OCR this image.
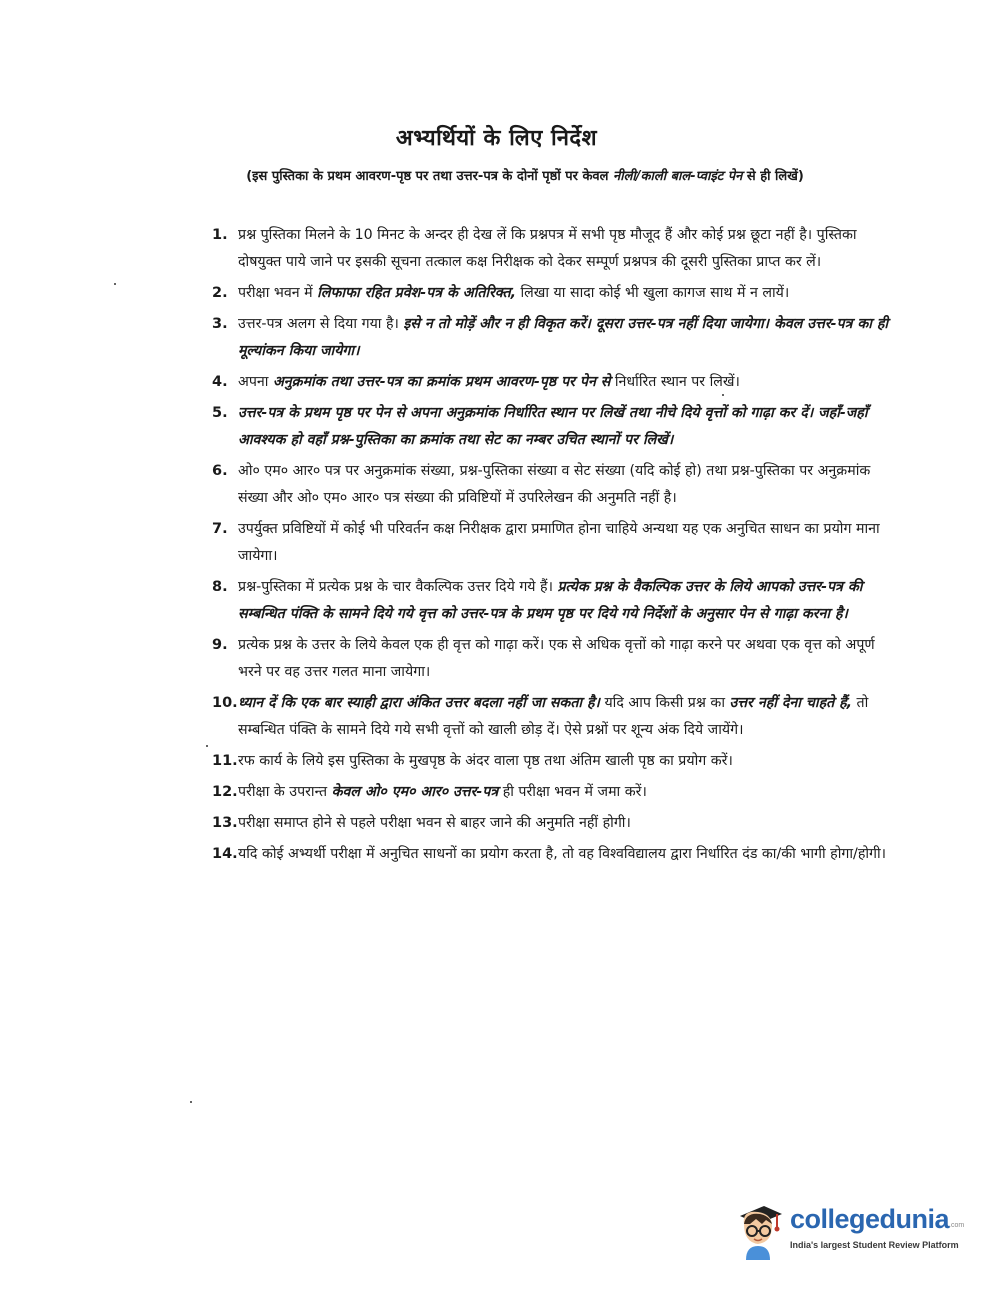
अभ्यर्थियों के लिए निर्देश
(इस पुस्तिका के प्रथम आवरण-पृष्ठ पर तथा उत्तर-पत्र के दोनों पृष्ठों पर केवल नीली/काली बाल-प्वाइंट पेन से ही लिखें)
1. प्रश्न पुस्तिका मिलने के 10 मिनट के अन्दर ही देख लें कि प्रश्नपत्र में सभी पृष्ठ मौजूद हैं और कोई प्रश्न छूटा नहीं है। पुस्तिका दोषयुक्त पाये जाने पर इसकी सूचना तत्काल कक्ष निरीक्षक को देकर सम्पूर्ण प्रश्नपत्र की दूसरी पुस्तिका प्राप्त कर लें।
2. परीक्षा भवन में लिफाफा रहित प्रवेश-पत्र के अतिरिक्त, लिखा या सादा कोई भी खुला कागज साथ में न लायें।
3. उत्तर-पत्र अलग से दिया गया है। इसे न तो मोड़ें और न ही विकृत करें। दूसरा उत्तर-पत्र नहीं दिया जायेगा। केवल उत्तर-पत्र का ही मूल्यांकन किया जायेगा।
4. अपना अनुक्रमांक तथा उत्तर-पत्र का क्रमांक प्रथम आवरण-पृष्ठ पर पेन से निर्धारित स्थान पर लिखें।
5. उत्तर-पत्र के प्रथम पृष्ठ पर पेन से अपना अनुक्रमांक निर्धारित स्थान पर लिखें तथा नीचे दिये वृत्तों को गाढ़ा कर दें। जहाँ-जहाँ आवश्यक हो वहाँ प्रश्न-पुस्तिका का क्रमांक तथा सेट का नम्बर उचित स्थानों पर लिखें।
6. ओ० एम० आर० पत्र पर अनुक्रमांक संख्या, प्रश्न-पुस्तिका संख्या व सेट संख्या (यदि कोई हो) तथा प्रश्न-पुस्तिका पर अनुक्रमांक संख्या और ओ० एम० आर० पत्र संख्या की प्रविष्टियों में उपरिलेखन की अनुमति नहीं है।
7. उपर्युक्त प्रविष्टियों में कोई भी परिवर्तन कक्ष निरीक्षक द्वारा प्रमाणित होना चाहिये अन्यथा यह एक अनुचित साधन का प्रयोग माना जायेगा।
8. प्रश्न-पुस्तिका में प्रत्येक प्रश्न के चार वैकल्पिक उत्तर दिये गये हैं। प्रत्येक प्रश्न के वैकल्पिक उत्तर के लिये आपको उत्तर-पत्र की सम्बन्धित पंक्ति के सामने दिये गये वृत्त को उत्तर-पत्र के प्रथम पृष्ठ पर दिये गये निर्देशों के अनुसार पेन से गाढ़ा करना है।
9. प्रत्येक प्रश्न के उत्तर के लिये केवल एक ही वृत्त को गाढ़ा करें। एक से अधिक वृत्तों को गाढ़ा करने पर अथवा एक वृत्त को अपूर्ण भरने पर वह उत्तर गलत माना जायेगा।
10. ध्यान दें कि एक बार स्याही द्वारा अंकित उत्तर बदला नहीं जा सकता है। यदि आप किसी प्रश्न का उत्तर नहीं देना चाहते हैं, तो सम्बन्धित पंक्ति के सामने दिये गये सभी वृत्तों को खाली छोड़ दें। ऐसे प्रश्नों पर शून्य अंक दिये जायेंगे।
11. रफ कार्य के लिये इस पुस्तिका के मुखपृष्ठ के अंदर वाला पृष्ठ तथा अंतिम खाली पृष्ठ का प्रयोग करें।
12. परीक्षा के उपरान्त केवल ओ० एम० आर० उत्तर-पत्र ही परीक्षा भवन में जमा करें।
13. परीक्षा समाप्त होने से पहले परीक्षा भवन से बाहर जाने की अनुमति नहीं होगी।
14. यदि कोई अभ्यर्थी परीक्षा में अनुचित साधनों का प्रयोग करता है, तो वह विश्वविद्यालय द्वारा निर्धारित दंड का/की भागी होगा/होगी।
collegedunia .com
India's largest Student Review Platform
